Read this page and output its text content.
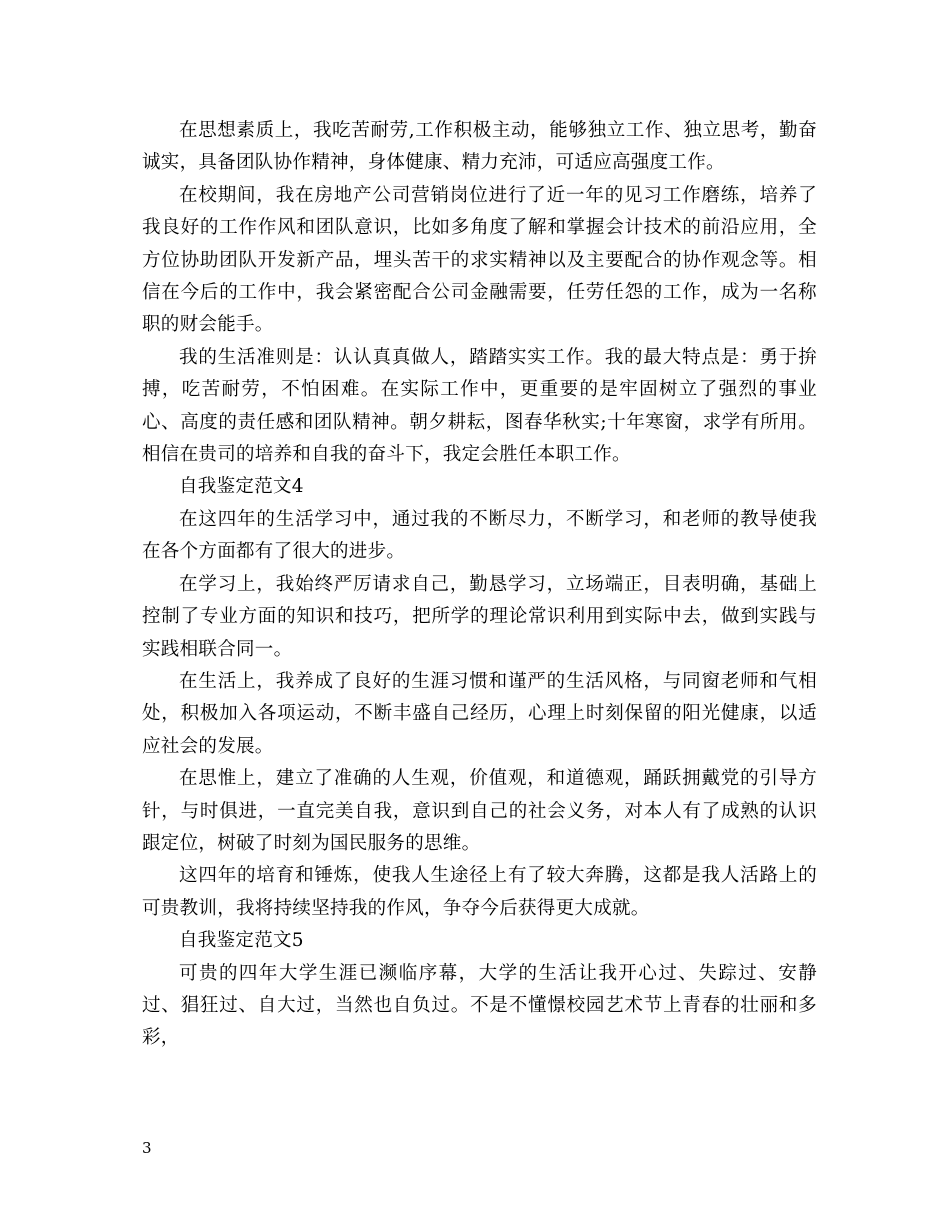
在思想素质上，我吃苦耐劳,工作积极主动，能够独立工作、独立思考，勤奋诚实，具备团队协作精神，身体健康、精力充沛，可适应高强度工作。

在校期间，我在房地产公司营销岗位进行了近一年的见习工作磨练，培养了我良好的工作作风和团队意识，比如多角度了解和掌握会计技术的前沿应用，全方位协助团队开发新产品，埋头苦干的求实精神以及主要配合的协作观念等。相信在今后的工作中，我会紧密配合公司金融需要，任劳任怨的工作，成为一名称职的财会能手。

我的生活准则是：认认真真做人，踏踏实实工作。我的最大特点是：勇于拚搏，吃苦耐劳，不怕困难。在实际工作中，更重要的是牢固树立了强烈的事业心、高度的责任感和团队精神。朝夕耕耘，图春华秋实;十年寒窗，求学有所用。相信在贵司的培养和自我的奋斗下，我定会胜任本职工作。

自我鉴定范文4

在这四年的生活学习中，通过我的不断尽力，不断学习，和老师的教导使我在各个方面都有了很大的进步。

在学习上，我始终严厉请求自己，勤恳学习，立场端正，目表明确，基础上控制了专业方面的知识和技巧，把所学的理论常识利用到实际中去，做到实践与实践相联合同一。

在生活上，我养成了良好的生涯习惯和谨严的生活风格，与同窗老师和气相处，积极加入各项运动，不断丰盛自己经历，心理上时刻保留的阳光健康，以适应社会的发展。

在思惟上，建立了准确的人生观，价值观，和道德观，踊跃拥戴党的引导方针，与时俱进，一直完美自我，意识到自己的社会义务，对本人有了成熟的认识跟定位，树破了时刻为国民服务的思维。

这四年的培育和锤炼，使我人生途径上有了较大奔腾，这都是我人活路上的可贵教训，我将持续坚持我的作风，争夺今后获得更大成就。

自我鉴定范文5

可贵的四年大学生涯已濒临序幕，大学的生活让我开心过、失踪过、安静过、猖狂过、自大过，当然也自负过。不是不懂憬校园艺术节上青春的壮丽和多彩，

3
